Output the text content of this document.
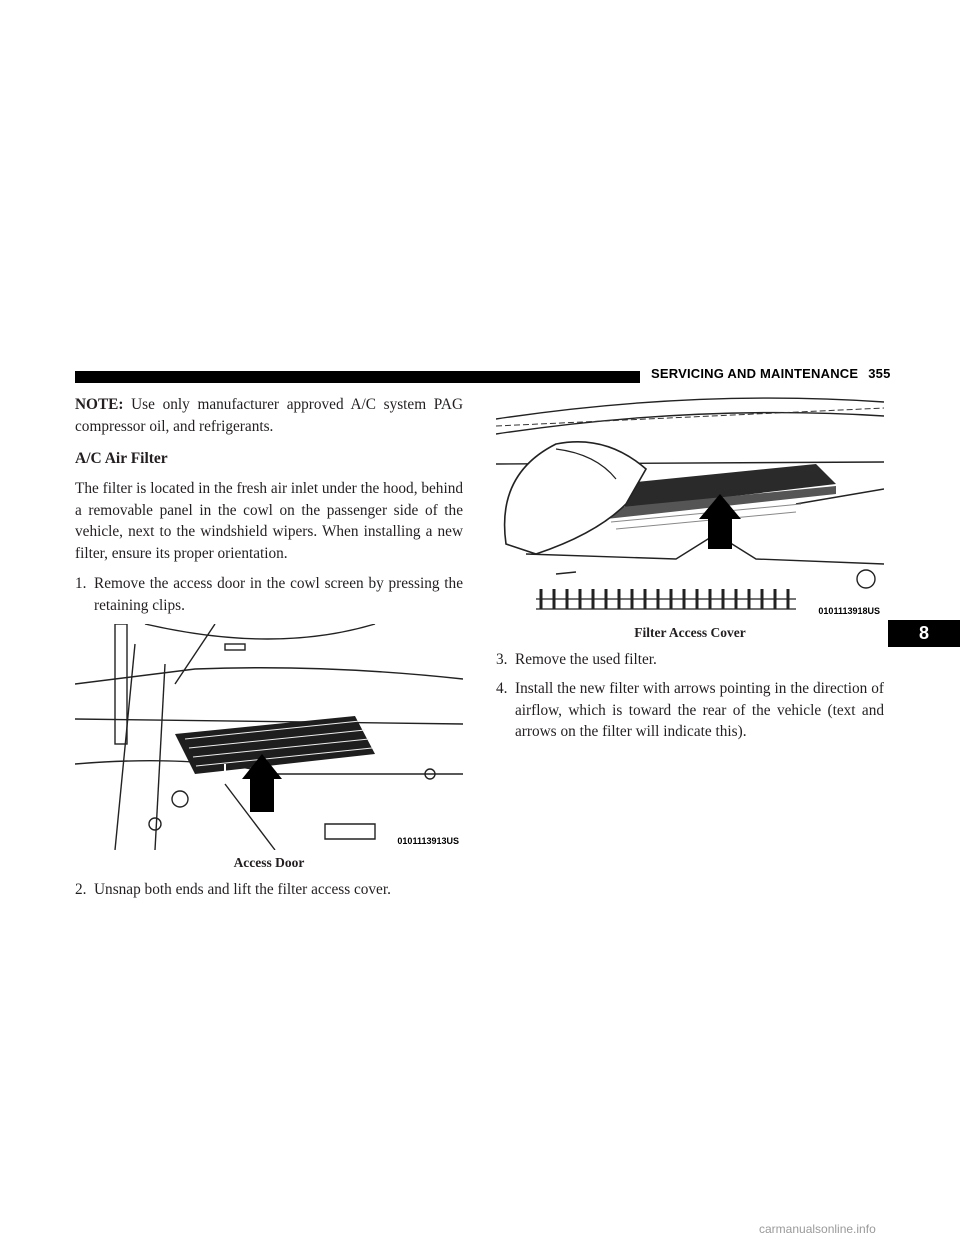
SERVICING AND MAINTENANCE 355

NOTE: Use only manufacturer approved A/C system PAG compressor oil, and refrigerants.

A/C Air Filter

The filter is located in the fresh air inlet under the hood, behind a removable panel in the cowl on the passenger side of the vehicle, next to the windshield wipers. When installing a new filter, ensure its proper orientation.

1. Remove the access door in the cowl screen by pressing the retaining clips.

0101113913US

Access Door

2. Unsnap both ends and lift the filter access cover.

0101113918US

Filter Access Cover

3. Remove the used filter.

4. Install the new filter with arrows pointing in the direction of airflow, which is toward the rear of the vehicle (text and arrows on the filter will indicate this).

8
carmanualsonline.info
